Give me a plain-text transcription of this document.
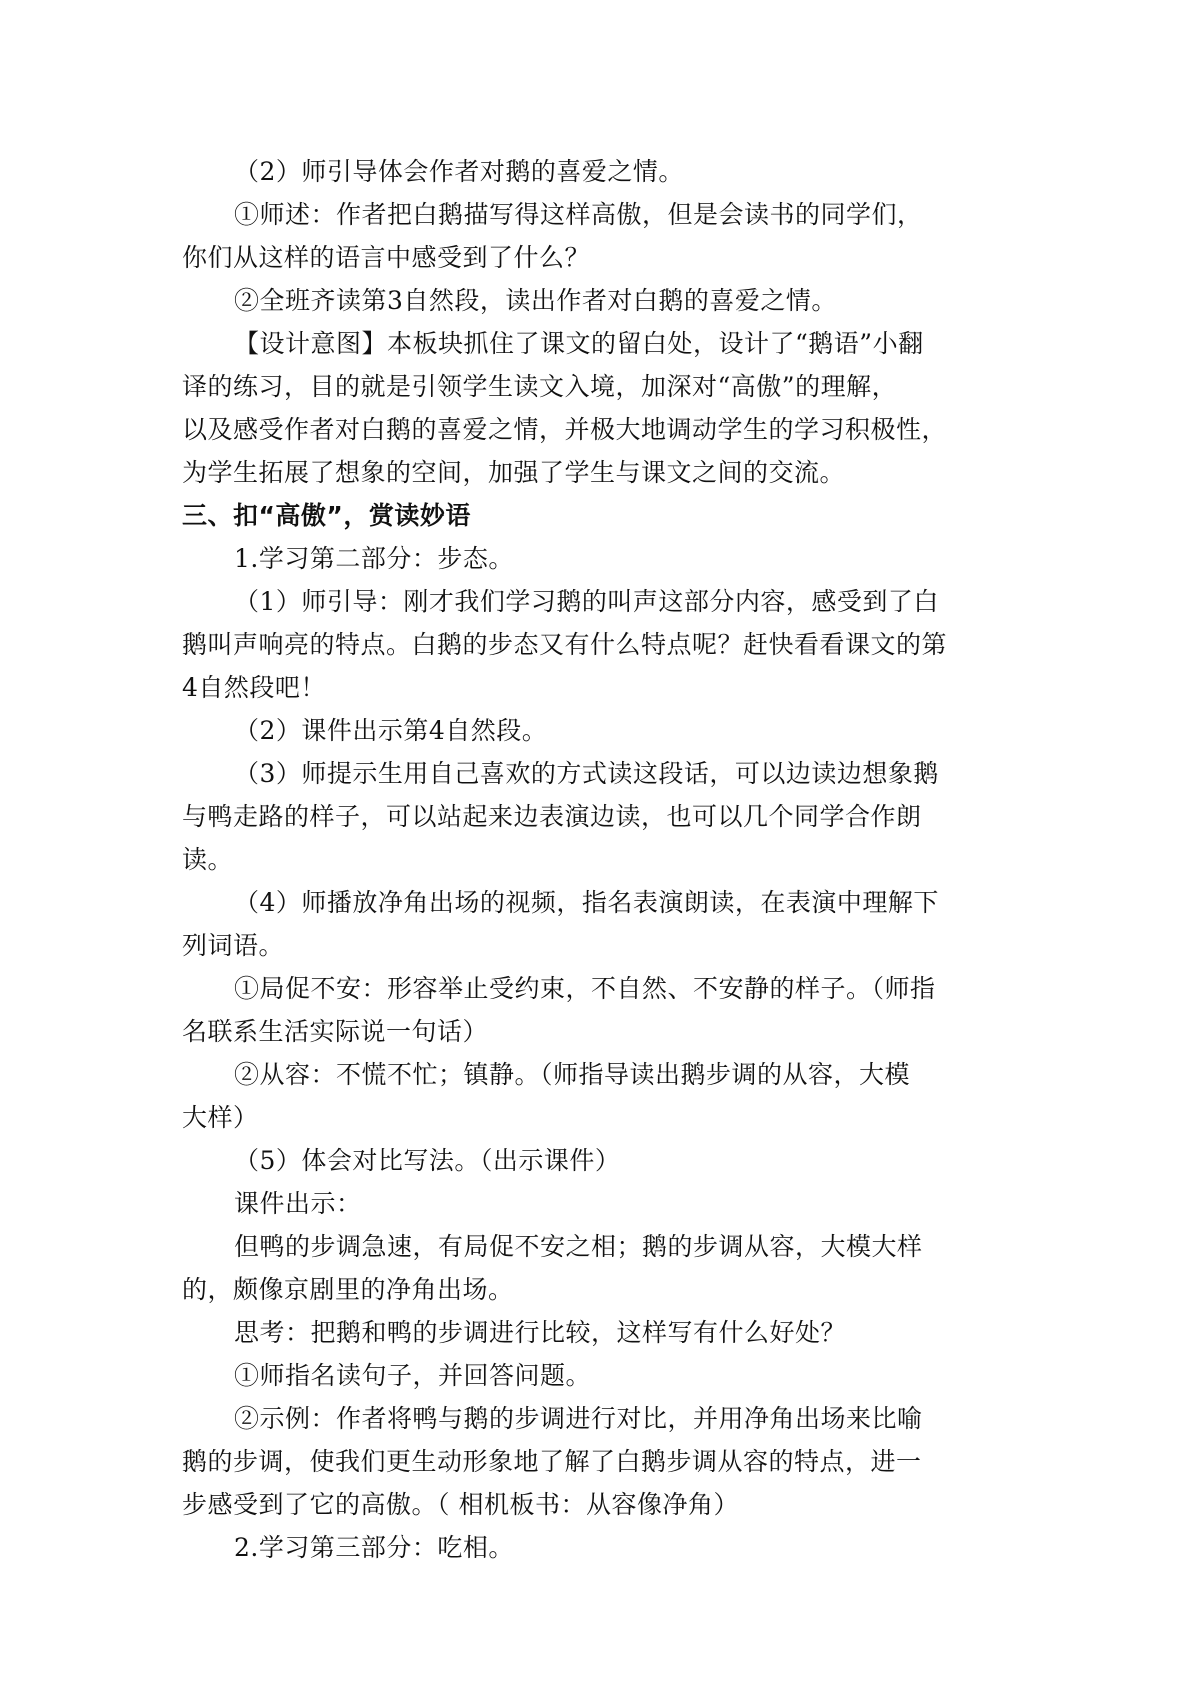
（2）师引导体会作者对鹅的喜爱之情。
①师述：作者把白鹅描写得这样高傲，但是会读书的同学们，
你们从这样的语言中感受到了什么？
②全班齐读第3自然段，读出作者对白鹅的喜爱之情。
【设计意图】本板块抓住了课文的留白处，设计了“鹅语”小翻
译的练习，目的就是引领学生读文入境，加深对“高傲”的理解，
以及感受作者对白鹅的喜爱之情，并极大地调动学生的学习积极性，
为学生拓展了想象的空间，加强了学生与课文之间的交流。
三、扣“高傲”，赏读妙语
1.学习第二部分：步态。
（1）师引导：刚才我们学习鹅的叫声这部分内容，感受到了白
鹅叫声响亮的特点。白鹅的步态又有什么特点呢？赶快看看课文的第
4自然段吧！
（2）课件出示第4自然段。
（3）师提示生用自己喜欢的方式读这段话，可以边读边想象鹅
与鸭走路的样子，可以站起来边表演边读，也可以几个同学合作朗
读。
（4）师播放净角出场的视频，指名表演朗读，在表演中理解下
列词语。
①局促不安：形容举止受约束，不自然、不安静的样子。（师指
名联系生活实际说一句话）
②从容：不慌不忙；镇静。（师指导读出鹅步调的从容，大模
大样）
（5）体会对比写法。（出示课件）
课件出示：
但鸭的步调急速，有局促不安之相；鹅的步调从容，大模大样
的，颇像京剧里的净角出场。
思考：把鹅和鸭的步调进行比较，这样写有什么好处？
①师指名读句子，并回答问题。
②示例：作者将鸭与鹅的步调进行对比，并用净角出场来比喻
鹅的步调，使我们更生动形象地了解了白鹅步调从容的特点，进一
步感受到了它的高傲。（ 相机板书：从容像净角）
2.学习第三部分：吃相。
